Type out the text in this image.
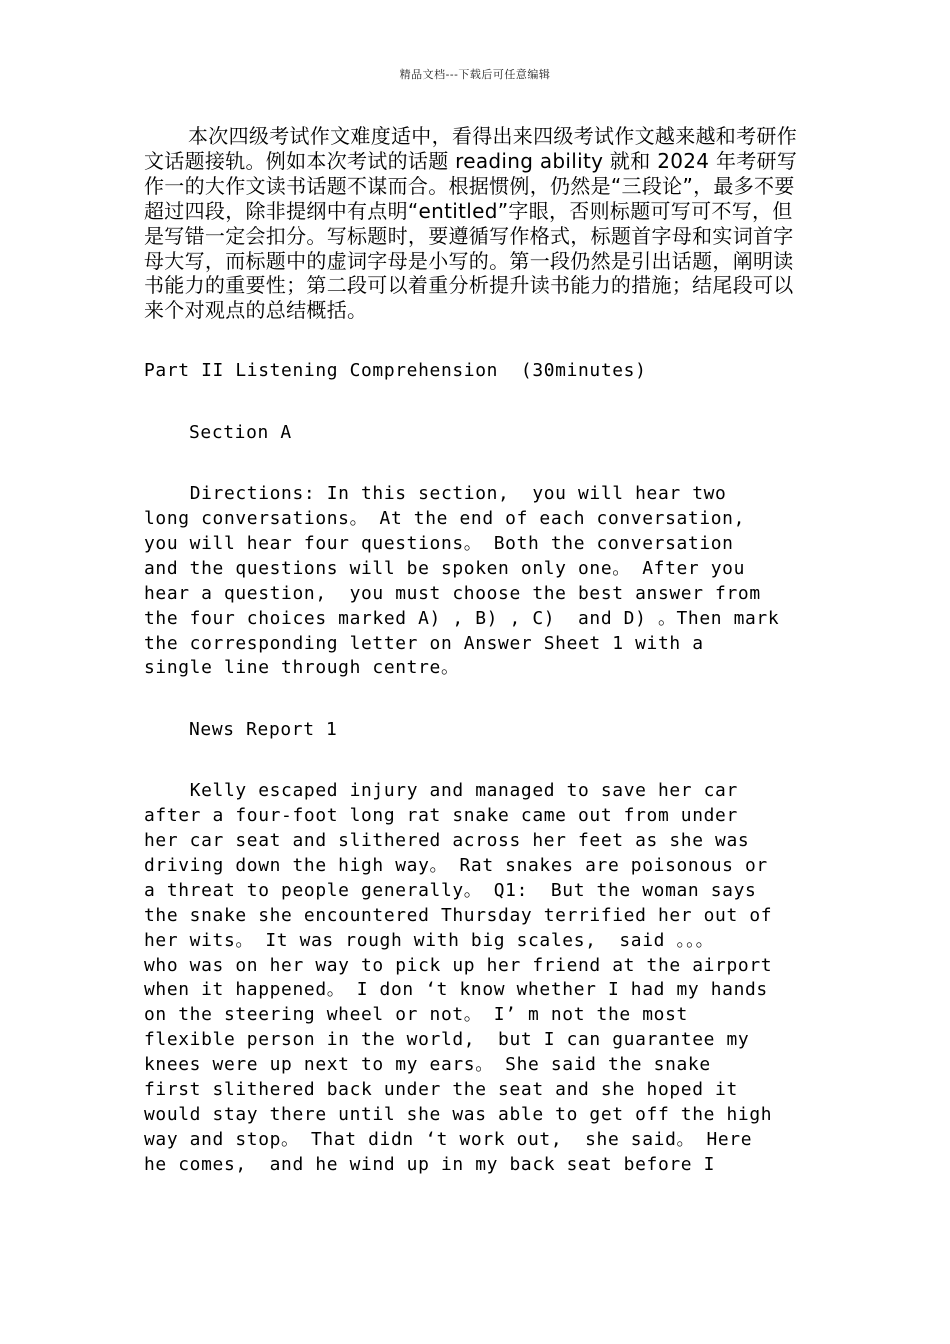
精品文档---下载后可任意编辑

本次四级考试作文难度适中，看得出来四级考试作文越来越和考研作文话题接轨。例如本次考试的话题 reading ability 就和 2024 年考研写作一的大作文读书话题不谋而合。根据惯例，仍然是“三段论”，最多不要超过四段，除非提纲中有点明“entitled”字眼，否则标题可写可不写，但是写错一定会扣分。写标题时，要遵循写作格式，标题首字母和实词首字母大写，而标题中的虚词字母是小写的。第一段仍然是引出话题，阐明读书能力的重要性；第二段可以着重分析提升读书能力的措施；结尾段可以来个对观点的总结概括。

Part II Listening Comprehension  (30minutes)

Section A

Directions: In this section,  you will hear two

long conversations。 At the end of each conversation,

you will hear four questions。 Both the conversation

and the questions will be spoken only one。 After you

hear a question,  you must choose the best answer from

the four choices marked A) , B) , C)  and D) 。Then mark

the corresponding letter on Answer Sheet 1 with a

single line through centre。

News Report 1

Kelly escaped injury and managed to save her car

after a four-foot long rat snake came out from under

her car seat and slithered across her feet as she was

driving down the high way。 Rat snakes are poisonous or

a threat to people generally。 Q1:  But the woman says

the snake she encountered Thursday terrified her out of

her wits。 It was rough with big scales,  said 。。。

who was on her way to pick up her friend at the airport

when it happened。 I don ‘t know whether I had my hands

on the steering wheel or not。 I’ m not the most

flexible person in the world,  but I can guarantee my

knees were up next to my ears。 She said the snake

first slithered back under the seat and she hoped it

would stay there until she was able to get off the high

way and stop。 That didn ‘t work out,  she said。 Here

he comes,  and he wind up in my back seat before I
